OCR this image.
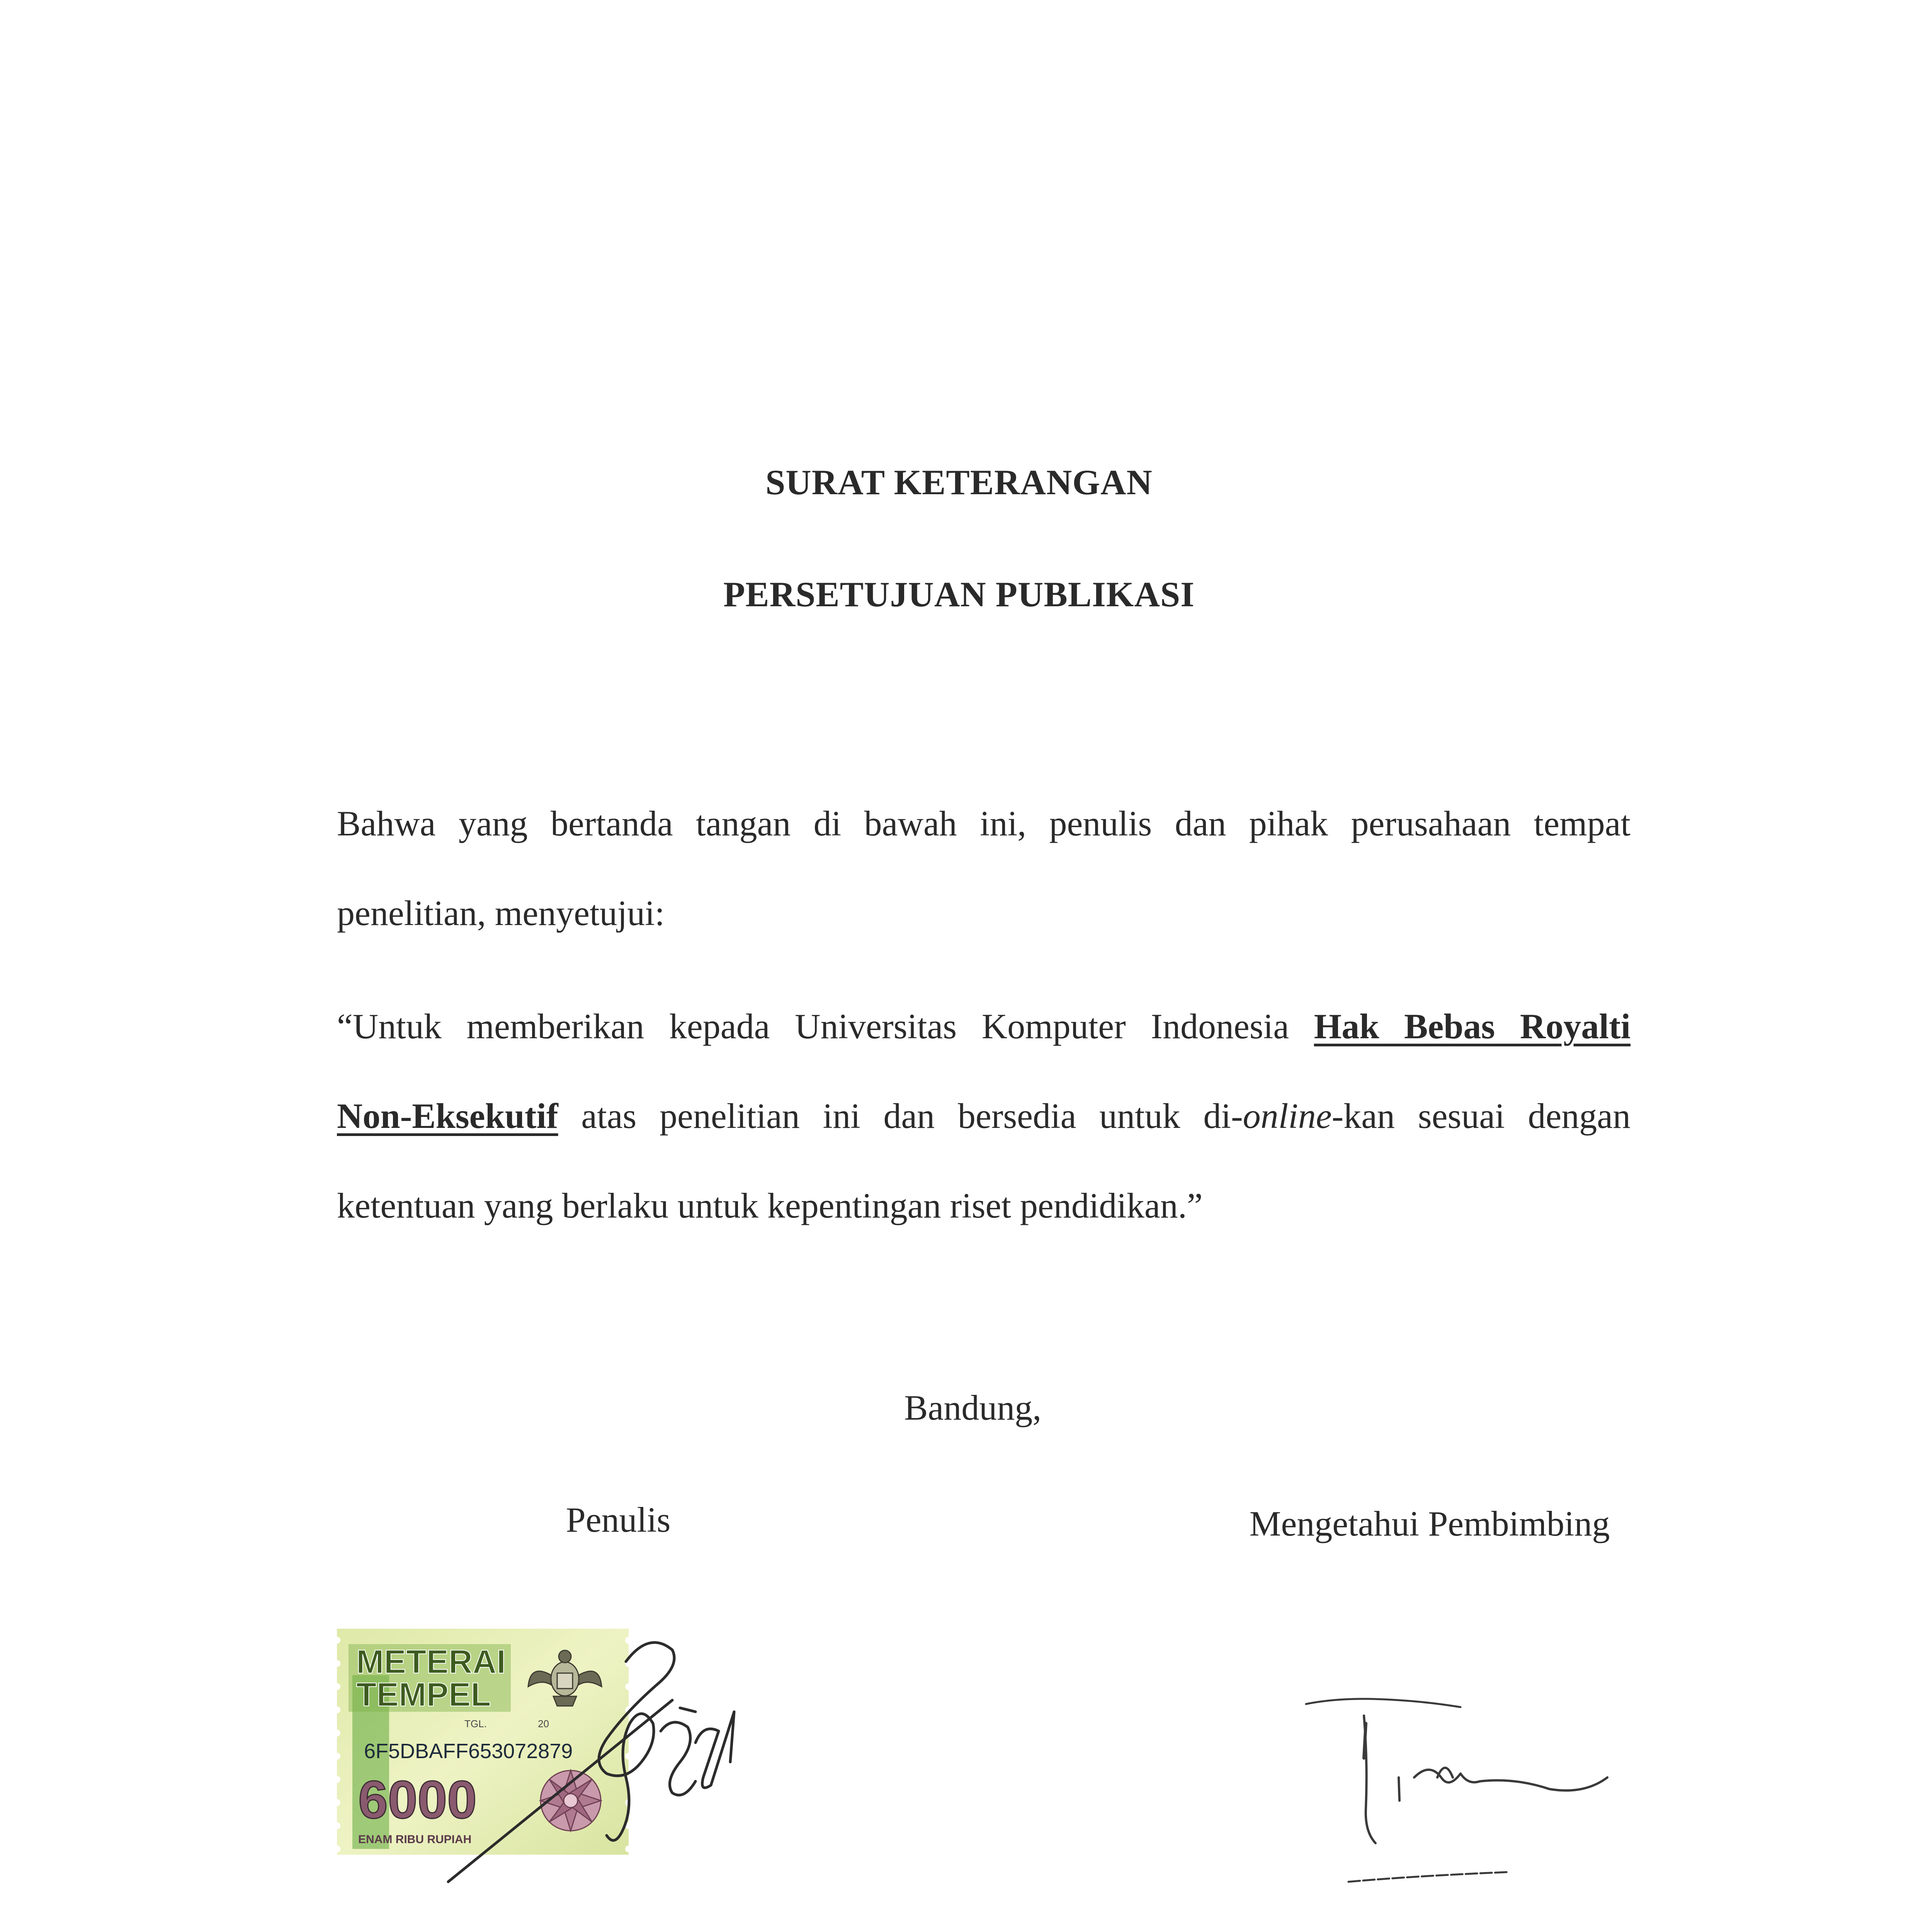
SURAT KETERANGAN
PERSETUJUAN PUBLIKASI
Bahwa yang bertanda tangan di bawah ini, penulis dan pihak perusahaan tempat
penelitian, menyetujui:
“Untuk memberikan kepada Universitas Komputer Indonesia Hak Bebas Royalti
Non-Eksekutif atas penelitian ini dan bersedia untuk di-online-kan sesuai dengan
ketentuan yang berlaku untuk kepentingan riset pendidikan.”
Bandung,
Penulis	Mengetahui Pembimbing
METERAI
TEMPEL
TGL.	20
6F5DBAFF653072879
6000
ENAM RIBU RUPIAH
